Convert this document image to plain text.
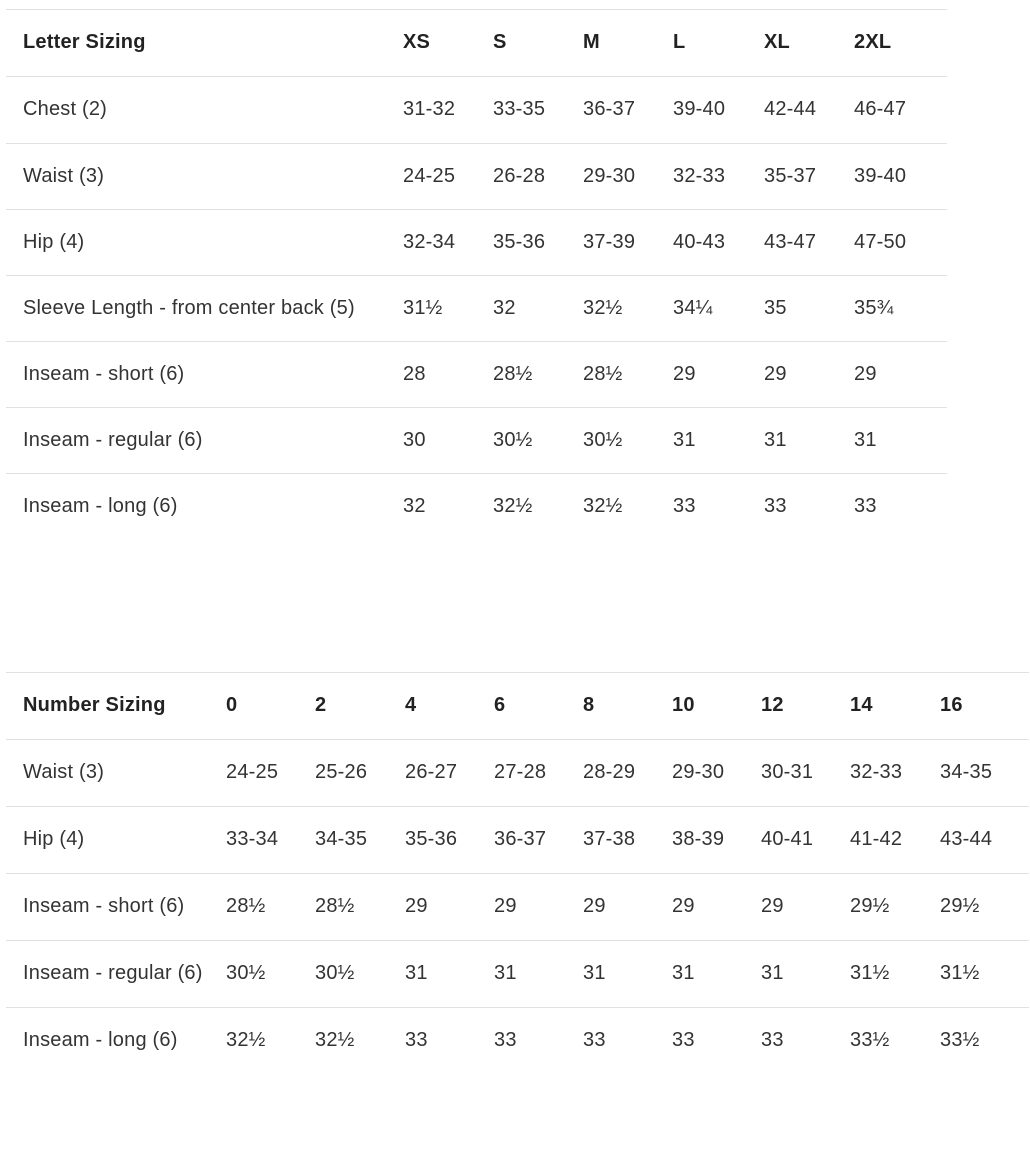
Letter Sizing	XS	S	M	L	XL	2XL
Chest (2)	31-32	33-35	36-37	39-40	42-44	46-47
Waist (3)	24-25	26-28	29-30	32-33	35-37	39-40
Hip (4)	32-34	35-36	37-39	40-43	43-47	47-50
Sleeve Length - from center back (5)	31½	32	32½	34¼	35	35¾
Inseam - short (6)	28	28½	28½	29	29	29
Inseam - regular (6)	30	30½	30½	31	31	31
Inseam - long (6)	32	32½	32½	33	33	33
Number Sizing	0	2	4	6	8	10	12	14	16
Waist (3)	24-25	25-26	26-27	27-28	28-29	29-30	30-31	32-33	34-35
Hip (4)	33-34	34-35	35-36	36-37	37-38	38-39	40-41	41-42	43-44
Inseam - short (6)	28½	28½	29	29	29	29	29	29½	29½
Inseam - regular (6)	30½	30½	31	31	31	31	31	31½	31½
Inseam - long (6)	32½	32½	33	33	33	33	33	33½	33½
